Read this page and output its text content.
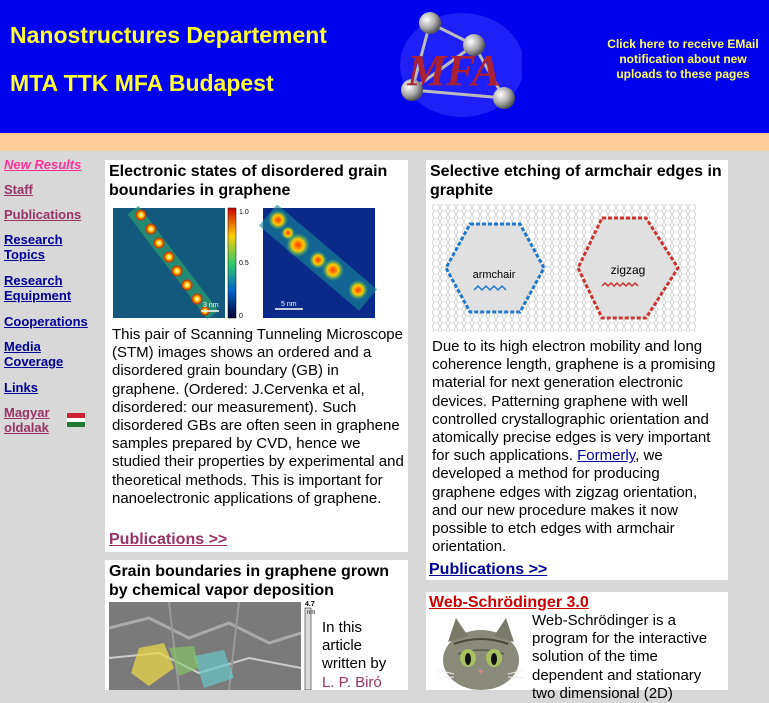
Nanostructures Departement
MTA TTK MFA Budapest	MFA
Click here to receive EMail notification about new uploads to these pages
New Results
Staff
Publications
Research Topics
Research Equipment
Cooperations
Media Coverage
Links
Magyar oldalak
Electronic states of disordered grain boundaries in graphene
3 nm
1.0
0.5
0
5 nm
This pair of Scanning Tunneling Microscope (STM) images shows an ordered and a disordered grain boundary (GB) in graphene. (Ordered: J.Cervenka et al, disordered: our measurement). Such disordered GBs are often seen in graphene samples prepared by CVD, hence we studied their properties by experimental and theoretical methods. This is important for nanoelectronic applications of graphene.
Publications >>
Selective etching of armchair edges in graphite
armchair	zigzag
Due to its high electron mobility and long coherence length, graphene is a promising material for next generation electronic devices. Patterning graphene with well controlled crystallographic orientation and atomically precise edges is very important for such applications. Formerly, we developed a method for producing graphene edges with zigzag orientation, and our new procedure makes it now possible to etch edges with armchair orientation.
Publications >>
Grain boundaries in graphene grown by chemical vapor deposition
4.7
nm
In this article written by L. P. Biró
Web-Schrödinger 3.0
Web-Schrödinger is a program for the interactive solution of the time dependent and stationary two dimensional (2D)
